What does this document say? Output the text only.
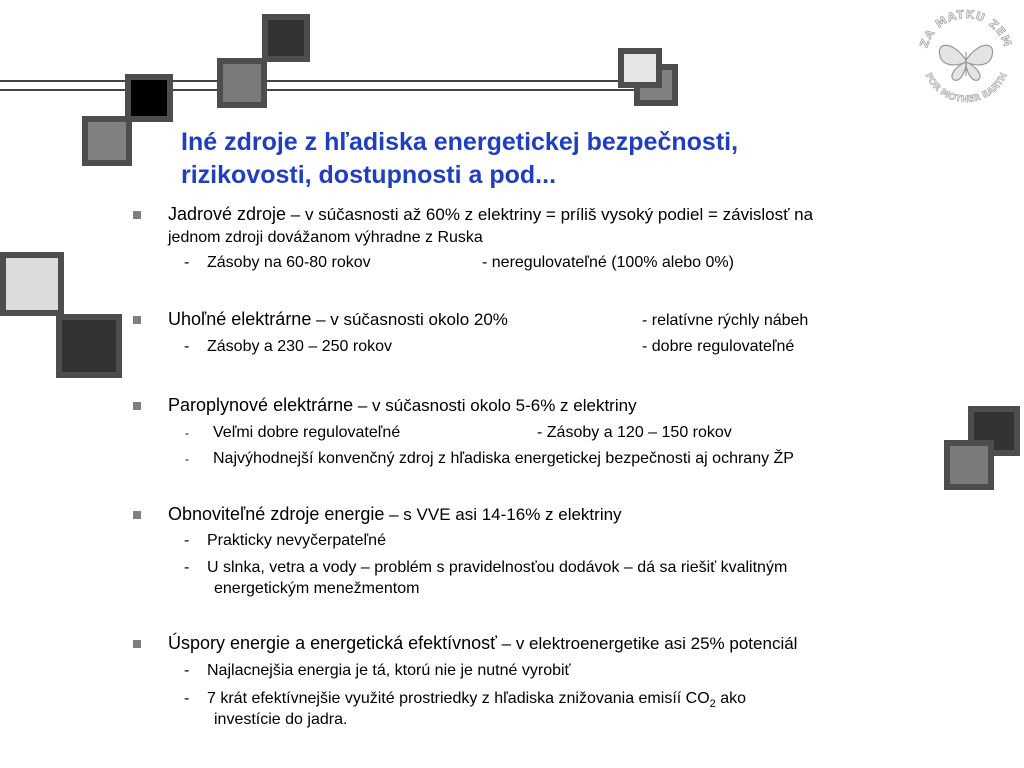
ZA MATKU ZEM
FOR MOTHER EARTH
Iné zdroje z hľadiska energetickej bezpečnosti,
rizikovosti, dostupnosti a pod...
Jadrové zdroje – v súčasnosti až 60% z elektriny = príliš vysoký podiel = závislosť na
jednom zdroji dovážanom výhradne z Ruska
- Zásoby na 60-80 rokov	- neregulovateľné (100% alebo 0%)
Uhoľné elektrárne – v súčasnosti okolo 20%	- relatívne rýchly nábeh
- Zásoby a 230 – 250 rokov	- dobre regulovateľné
Paroplynové elektrárne – v súčasnosti okolo 5-6% z elektriny
- Veľmi dobre regulovateľné	- Zásoby a 120 – 150 rokov
- Najvýhodnejší konvenčný zdroj z hľadiska energetickej bezpečnosti aj ochrany ŽP
Obnoviteľné zdroje energie – s VVE asi 14-16% z elektriny
- Prakticky nevyčerpateľné
- U slnka, vetra a vody – problém s pravidelnosťou dodávok – dá sa riešiť kvalitným
energetickým menežmentom
Úspory energie a energetická efektívnosť – v elektroenergetike asi 25% potenciál
- Najlacnejšia energia je tá, ktorú nie je nutné vyrobiť
- 7 krát efektívnejšie využité prostriedky z hľadiska znižovania emisíí $CO_2$ ako
investície do jadra.
